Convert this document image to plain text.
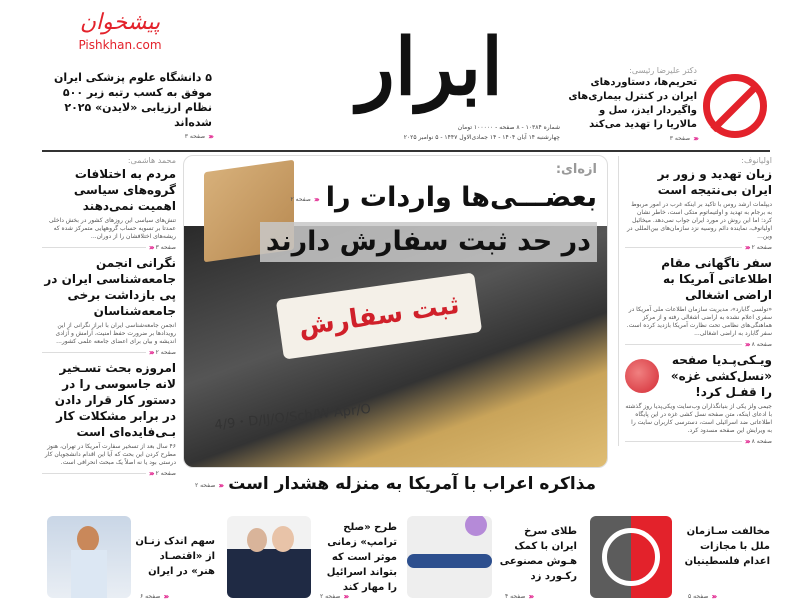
پیشخوان
Pishkhan.com
۵ دانشگاه علوم پزشکی ایران موفق به کسب رتبه زیر ۵۰۰ نظام ارزیابی «لایدن» ۲۰۲۵ شده‌اند
‹‹‹
صفحه ۳
ابرار
شماره ۱۰۳۸۴ - ۸ صفحه - ۱۰۰۰۰۰ تومان
چهارشنبه ۱۴ آبان ۱۴۰۴ - ۱۴ جمادی‌الاول ۱۴۴۷ - ۵ نوامبر ۲۰۲۵
دکتر علیرضا رئیسی:
تحریم‌ها، دستاوردهای ایران در کنترل بیماری‌های واگیردار ایدز، سل و مالاریا را تهدید می‌کند
‹‹‹
صفحه ۳
محمد هاشمی:
مردم به اختلافات گروه‌های سیاسی اهمیت نمی‌دهند
تنش‌های سیاسی این روزهای کشور در بخش داخلی عمدتا بر تسویه حساب گروههایی متمرکز شده که ریشه‌های اختلافشان را از دوران...
صفحه ۳
‹‹‹
نگرانی انجمن جامعه‌شناسی ایران در پی بازداشت برخی جامعه‌شناسان
انجمن جامعه‌شناسی ایران با ابراز نگرانی از این رویدادها بر ضرورت حفظ امنیت، آرامش و آزادی اندیشه و بیان برای اعضای جامعه علمی کشور...
صفحه ۲
‹‹‹
امروزه بحث تسـخیر لانه جاسوسی را در دستور کار قرار دادن در برابر مشکلات کار بـی‌فایده‌ای است
۴۶ سال بعد از تسخیر سفارت آمریکا در تهران، هنوز مطرح کردن این بحث که آیا این اقدام دانشجویان کار درستی بود یا نه اصلاً یک مبحث انحرافی است.
صفحه ۲
‹‹‹
ثبت سفارش
4/9・D/IJ/O/Sch/W Apr/O
ازه‌ای:
بعضـــی‌ها واردات را
‹‹‹
صفحه ۲
در حد ثبت سفارش دارند
مذاکره اعراب با آمریکا به منزله هشدار است
‹‹‹
صفحه ۲
اولیانوف:
زبان تهدید و زور بر ایران بی‌نتیجه است
دیپلمات ارشد روس با تاکید بر اینکه غرب در امور مربوط به برجام به تهدید و اولتیماتوم متکی است، خاطر نشان کرد: اما این روش در مورد ایران جواب نمی‌دهد. میخائیل اولیانوف، نماینده دائم روسیه نزد سازمان‌های بین‌المللی در وین...
صفحه ۲
‹‹‹
سفر ناگهانی مقام اطلاعاتی آمریکا به اراضی اشغالی
«تولسی گابارد»، مدیریت سازمان اطلاعات ملی آمریکا در سفری اعلام نشده به اراضی اشغالی رفته و از مرکز هماهنگی‌های نظامی تحت نظارت آمریکا بازدید کرده است. سفر گابارد به اراضی اشغالی...
صفحه ۸
‹‹‹
ویـکی‌پـدیا صفحه «نسل‌کشی غزه» را قفـل کرد!
جیمی ولز یکی از بنیانگذاران وب‌سایت ویکی‌پدیا روز گذشته با ادعای اینکه، متن صفحه نسل کشی غزه در این پایگاه اطلاعاتی ضد اسرائیلی است، دسترسی کاربران سایت را به ویرایش این صفحه مسدود کرد.
صفحه ۸
‹‹‹
مخالفت سـازمان ملل با مجازات اعدام فلسطینیان
‹‹‹
صفحه ۵
طلای سرخ ایران با کمک هـوش مصنوعی رکـورد زد
‹‹‹
صفحه ۴
طرح «صلح ترامپ» زمانی موثر است که بتواند اسرائیل را مهار کند
‹‹‹
صفحه ۲
سهم اندک زنـان از «اقتصـاد هنر» در ایران
‹‹‹
صفحه ۶
